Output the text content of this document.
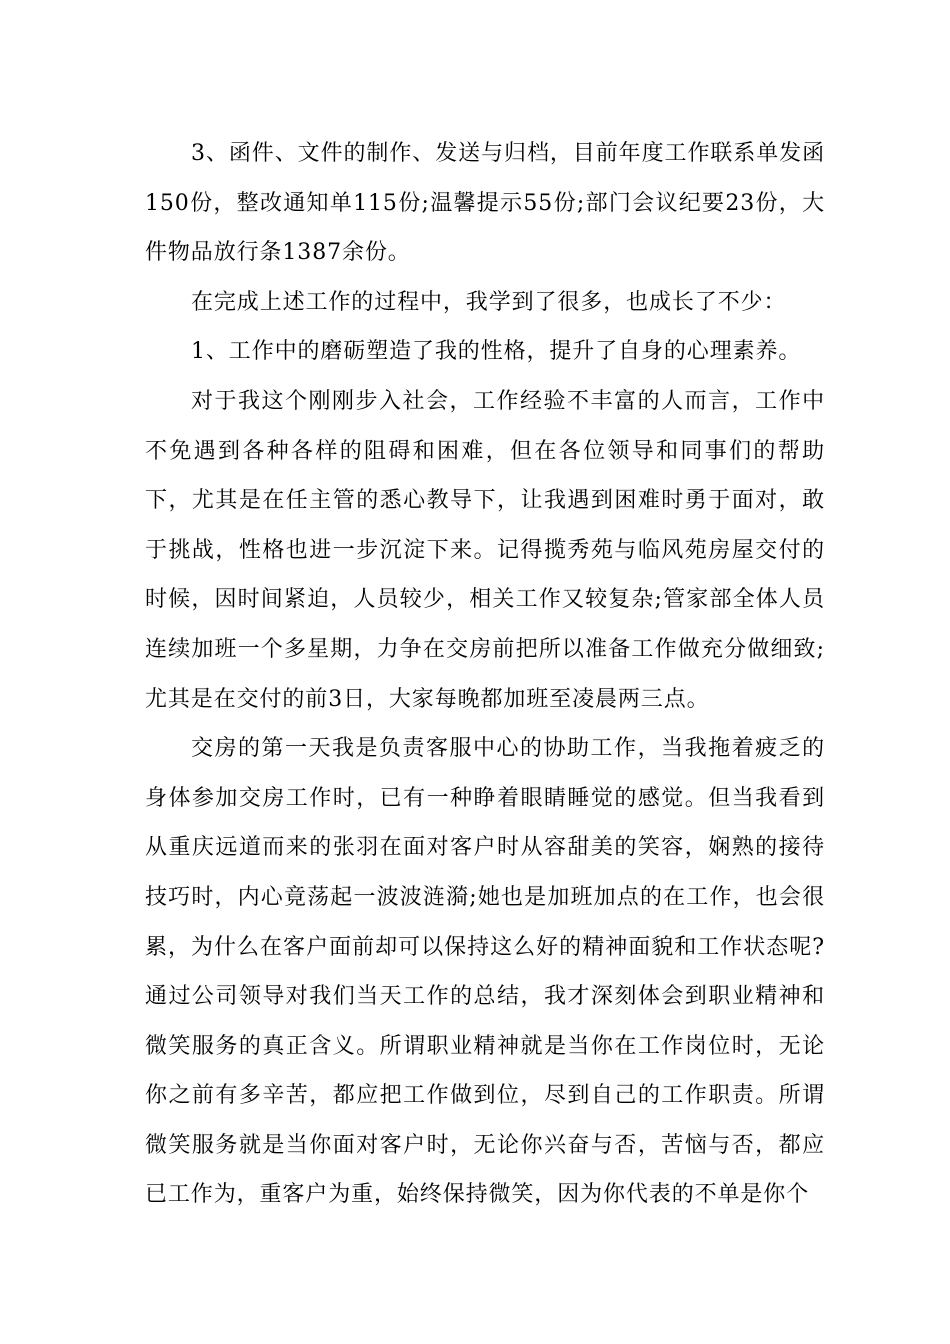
3、函件、文件的制作、发送与归档，目前年度工作联系单发函150份，整改通知单115份;温馨提示55份;部门会议纪要23份，大件物品放行条1387余份。

在完成上述工作的过程中，我学到了很多，也成长了不少：

1、工作中的磨砺塑造了我的性格，提升了自身的心理素养。

对于我这个刚刚步入社会，工作经验不丰富的人而言，工作中不免遇到各种各样的阻碍和困难，但在各位领导和同事们的帮助下，尤其是在任主管的悉心教导下，让我遇到困难时勇于面对，敢于挑战，性格也进一步沉淀下来。记得揽秀苑与临风苑房屋交付的时候，因时间紧迫，人员较少，相关工作又较复杂;管家部全体人员连续加班一个多星期，力争在交房前把所以准备工作做充分做细致;尤其是在交付的前3日，大家每晚都加班至凌晨两三点。

交房的第一天我是负责客服中心的协助工作，当我拖着疲乏的身体参加交房工作时，已有一种睁着眼睛睡觉的感觉。但当我看到从重庆远道而来的张羽在面对客户时从容甜美的笑容，娴熟的接待技巧时，内心竟荡起一波波涟漪;她也是加班加点的在工作，也会很累，为什么在客户面前却可以保持这么好的精神面貌和工作状态呢?通过公司领导对我们当天工作的总结，我才深刻体会到职业精神和微笑服务的真正含义。所谓职业精神就是当你在工作岗位时，无论你之前有多辛苦，都应把工作做到位，尽到自己的工作职责。所谓微笑服务就是当你面对客户时，无论你兴奋与否，苦恼与否，都应已工作为，重客户为重，始终保持微笑，因为你代表的不单是你个
